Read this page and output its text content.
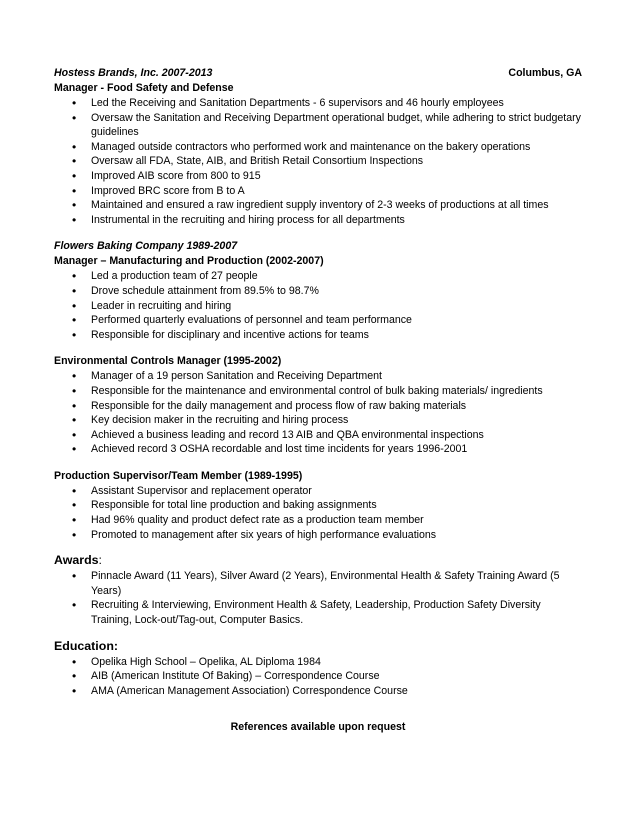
Hostess Brands, Inc. 2007-2013	Columbus, GA
Manager - Food Safety and Defense
• Led the Receiving and Sanitation Departments - 6 supervisors and 46 hourly employees
• Oversaw the Sanitation and Receiving Department operational budget, while adhering to strict budgetary guidelines
• Managed outside contractors who performed work and maintenance on the bakery operations
• Oversaw all FDA, State, AIB, and British Retail Consortium Inspections
• Improved AIB score from 800 to 915
• Improved BRC score from B to A
• Maintained and ensured a raw ingredient supply inventory of 2-3 weeks of productions at all times
• Instrumental in the recruiting and hiring process for all departments
Flowers Baking Company 1989-2007
Manager – Manufacturing and Production (2002-2007)
• Led a production team of 27 people
• Drove schedule attainment from 89.5% to 98.7%
• Leader in recruiting and hiring
• Performed quarterly evaluations of personnel and team performance
• Responsible for disciplinary and incentive actions for teams
Environmental Controls Manager (1995-2002)
• Manager of a 19 person Sanitation and Receiving Department
• Responsible for the maintenance and environmental control of bulk baking materials/ ingredients
• Responsible for the daily management and process flow of raw baking materials
• Key decision maker in the recruiting and hiring process
• Achieved a business leading and record 13 AIB and QBA environmental inspections
• Achieved record 3 OSHA recordable and lost time incidents for years 1996-2001
Production Supervisor/Team Member (1989-1995)
• Assistant Supervisor and replacement operator
• Responsible for total line production and baking assignments
• Had 96% quality and product defect rate as a production team member
• Promoted to management after six years of high performance evaluations
Awards:
• Pinnacle Award (11 Years), Silver Award (2 Years), Environmental Health & Safety Training Award (5 Years)
• Recruiting & Interviewing, Environment Health & Safety, Leadership, Production Safety Diversity Training, Lock-out/Tag-out, Computer Basics.
Education:
• Opelika High School – Opelika, AL Diploma 1984
• AIB (American Institute Of Baking) – Correspondence Course
• AMA (American Management Association) Correspondence Course
References available upon request
